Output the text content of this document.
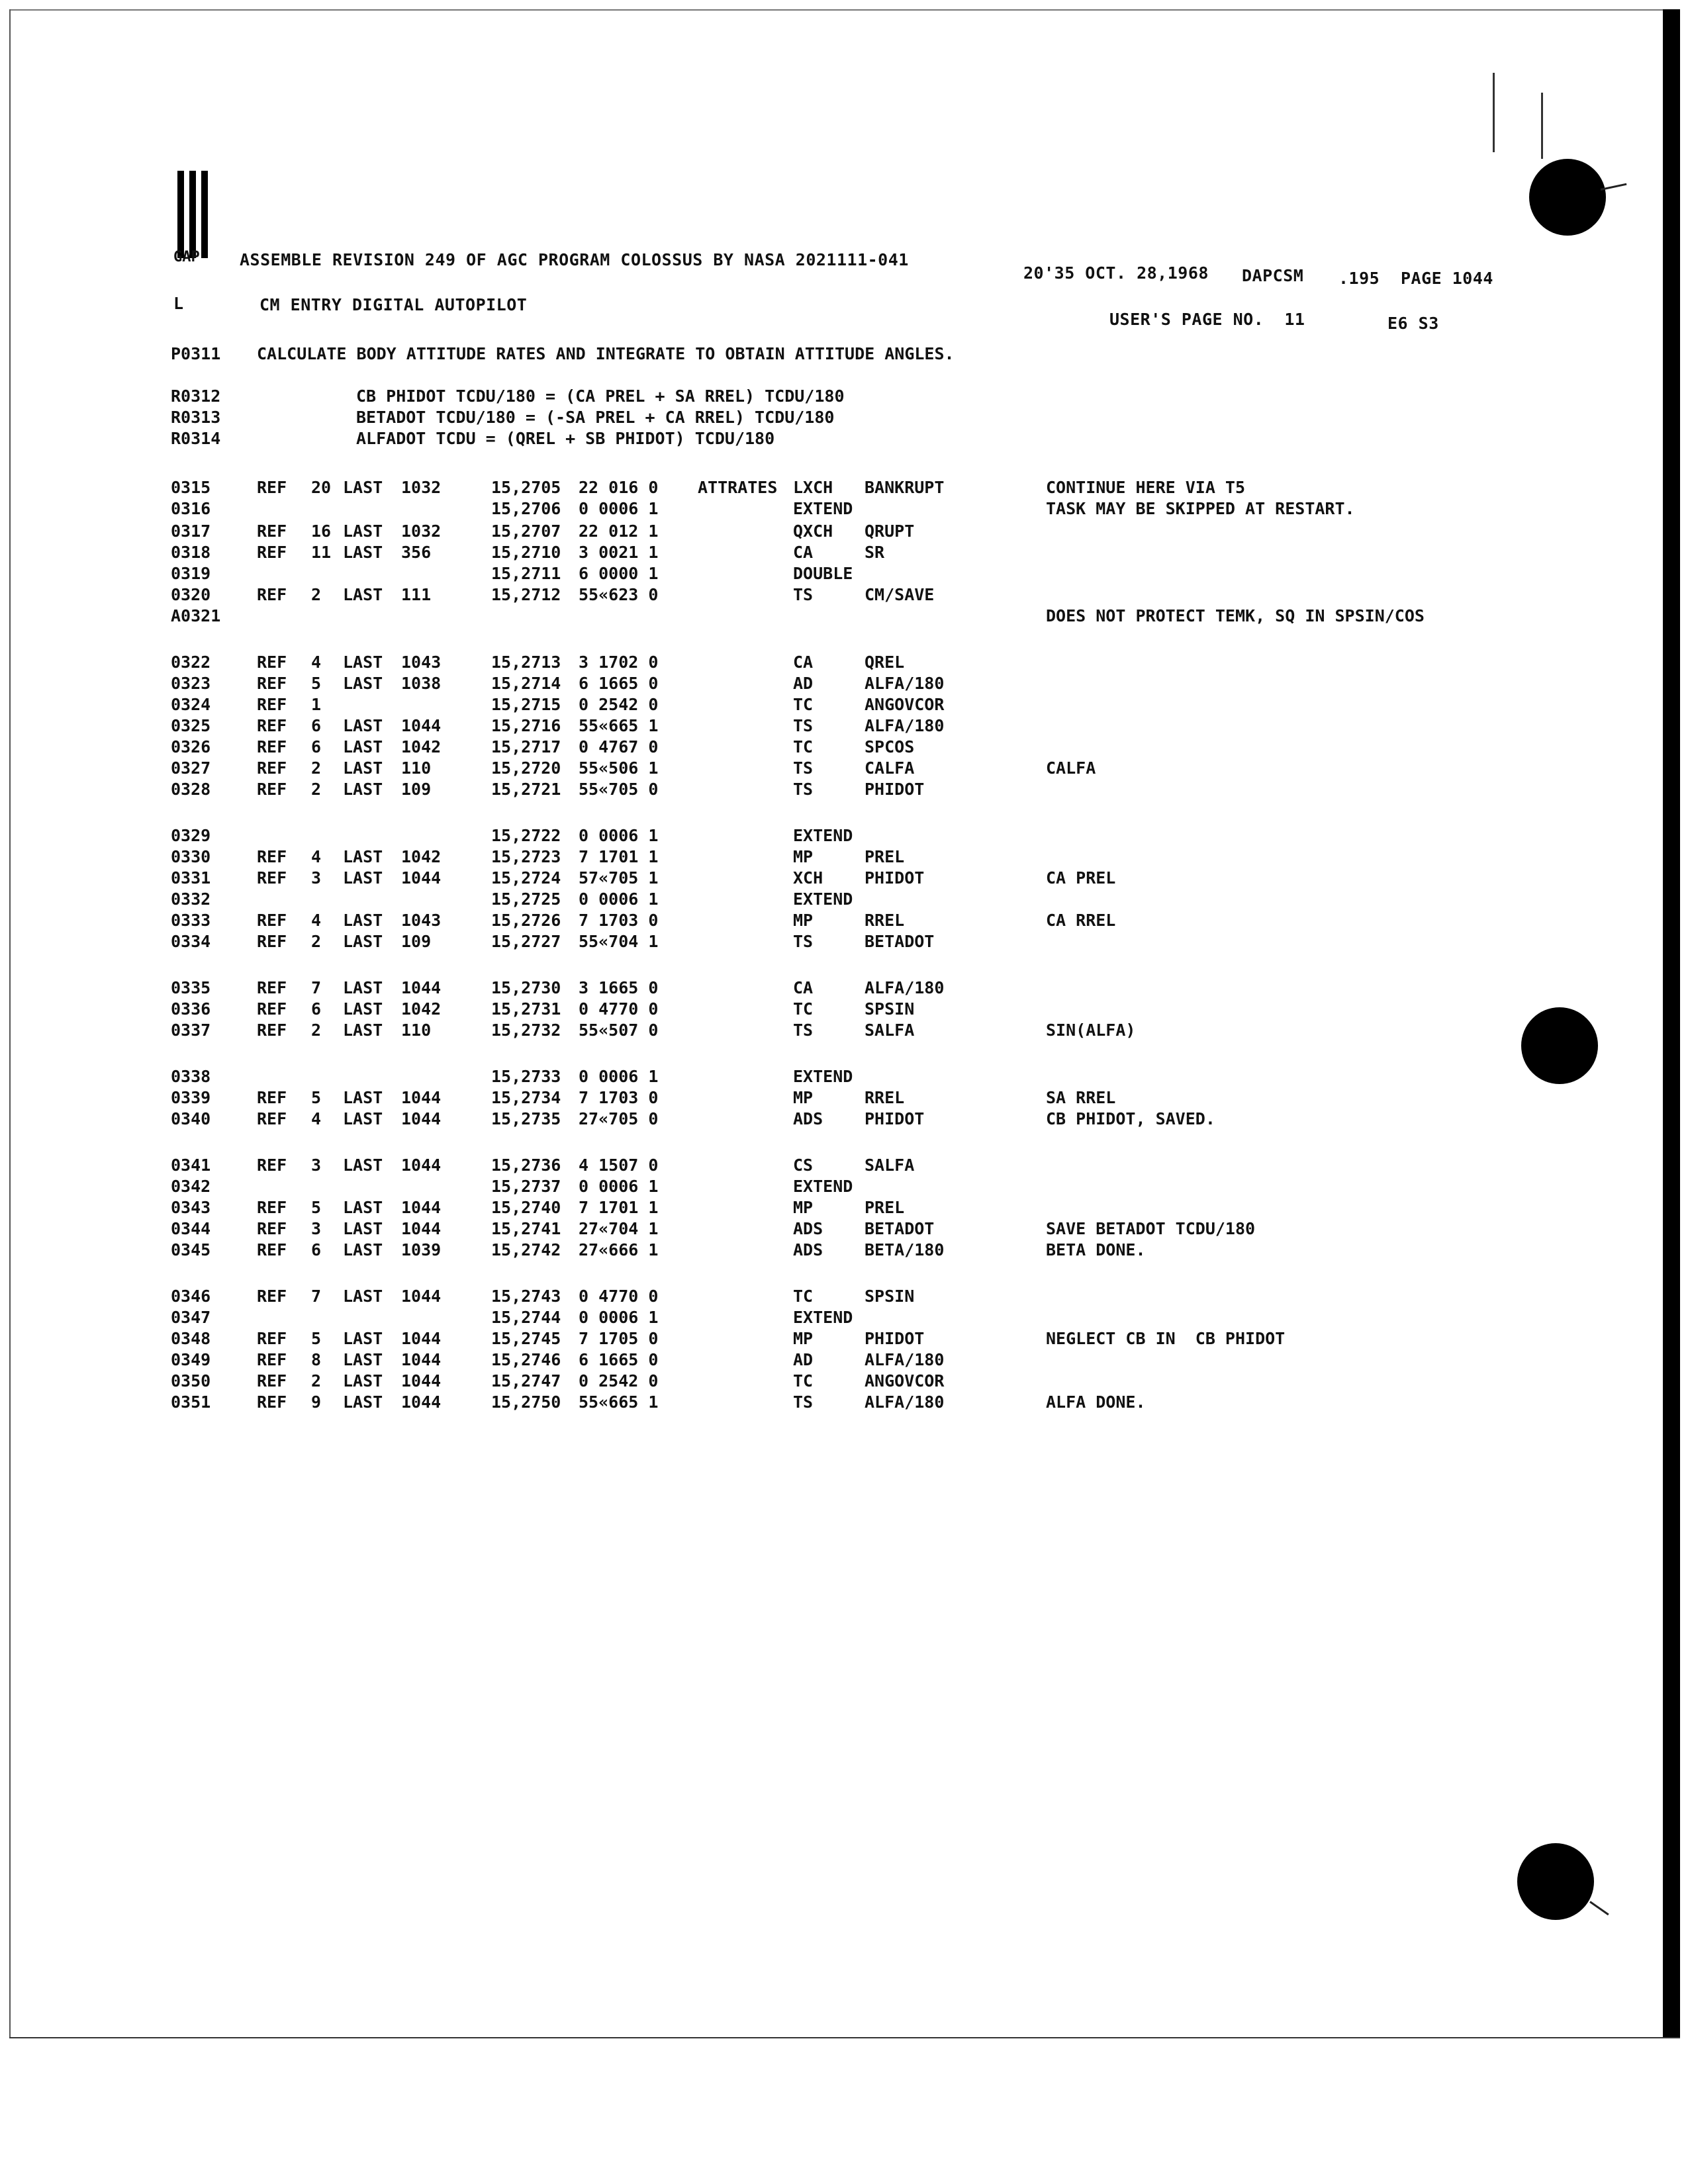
GAP ASSEMBLE REVISION 249 OF AGC PROGRAM COLOSSUS BY NASA 2021111-041
20'35 OCT. 28,1968 DAPCSM .195 PAGE 1044
L	CM ENTRY DIGITAL AUTOPILOT
USER'S PAGE NO.  11	E6 S3

P0311

CALCULATE BODY ATTITUDE RATES AND INTEGRATE TO OBTAIN ATTITUDE ANGLES.

R0312

	CB PHIDOT TCDU/180 = (CA PREL + SA RREL) TCDU/180

R0313

	BETADOT TCDU/180 = (-SA PREL + CA RREL) TCDU/180

R0314

	ALFADOT TCDU = (QREL + SB PHIDOT) TCDU/180

0315	REF 20 LAST 1032	15,2705 22 016 0 ATTRATES LXCH BANKRUPT	CONTINUE HERE VIA T5
0316	15,2706 0 0006 1	EXTEND	TASK MAY BE SKIPPED AT RESTART.
0317	REF 16 LAST 1032	15,2707 22 012 1	QXCH QRUPT
0318	REF 11 LAST 356	15,2710 3 0021 1	CA	SR
0319	15,2711 6 0000 1	DOUBLE
0320	REF 2 LAST 111	15,2712 55«623 0	TS	CM/SAVE
A0321	DOES NOT PROTECT TEMK, SQ IN SPSIN/COS
0322	REF 4 LAST 1043	15,2713 3 1702 0	CA	QREL
0323	REF 5 LAST 1038	15,2714 6 1665 0	AD	ALFA/180
0324	REF 1	15,2715 0 2542 0	TC	ANGOVCOR
0325	REF 6 LAST 1044	15,2716 55«665 1	TS	ALFA/180
0326	REF 6 LAST 1042	15,2717 0 4767 0	TC	SPCOS
0327	REF 2 LAST 110	15,2720 55«506 1	TS	CALFA	CALFA
0328	REF 2 LAST 109	15,2721 55«705 0	TS	PHIDOT
0329	15,2722 0 0006 1	EXTEND
0330	REF 4 LAST 1042	15,2723 7 1701 1	MP	PREL
0331	REF 3 LAST 1044	15,2724 57«705 1	XCH	PHIDOT	CA PREL
0332	15,2725 0 0006 1	EXTEND
0333	REF 4 LAST 1043	15,2726 7 1703 0	MP	RREL	CA RREL
0334	REF 2 LAST 109	15,2727 55«704 1	TS	BETADOT
0335	REF 7 LAST 1044	15,2730 3 1665 0	CA	ALFA/180
0336	REF 6 LAST 1042	15,2731 0 4770 0	TC	SPSIN
0337	REF 2 LAST 110	15,2732 55«507 0	TS	SALFA	SIN(ALFA)
0338	15,2733 0 0006 1	EXTEND
0339	REF 5 LAST 1044	15,2734 7 1703 0	MP	RREL	SA RREL
0340	REF 4 LAST 1044	15,2735 27«705 0	ADS	PHIDOT	CB PHIDOT, SAVED.
0341	REF 3 LAST 1044	15,2736 4 1507 0	CS	SALFA
0342	15,2737 0 0006 1	EXTEND
0343	REF 5 LAST 1044	15,2740 7 1701 1	MP	PREL
0344	REF 3 LAST 1044	15,2741 27«704 1	ADS	BETADOT	SAVE BETADOT TCDU/180
0345	REF 6 LAST 1039	15,2742 27«666 1	ADS	BETA/180	BETA DONE.
0346	REF 7 LAST 1044	15,2743 0 4770 0	TC	SPSIN
0347	15,2744 0 0006 1	EXTEND
0348	REF 5 LAST 1044	15,2745 7 1705 0	MP	PHIDOT	NEGLECT CB IN  CB PHIDOT
0349	REF 8 LAST 1044	15,2746 6 1665 0	AD	ALFA/180
0350	REF 2 LAST 1044	15,2747 0 2542 0	TC	ANGOVCOR
0351	REF 9 LAST 1044	15,2750 55«665 1	TS	ALFA/180	ALFA DONE.
